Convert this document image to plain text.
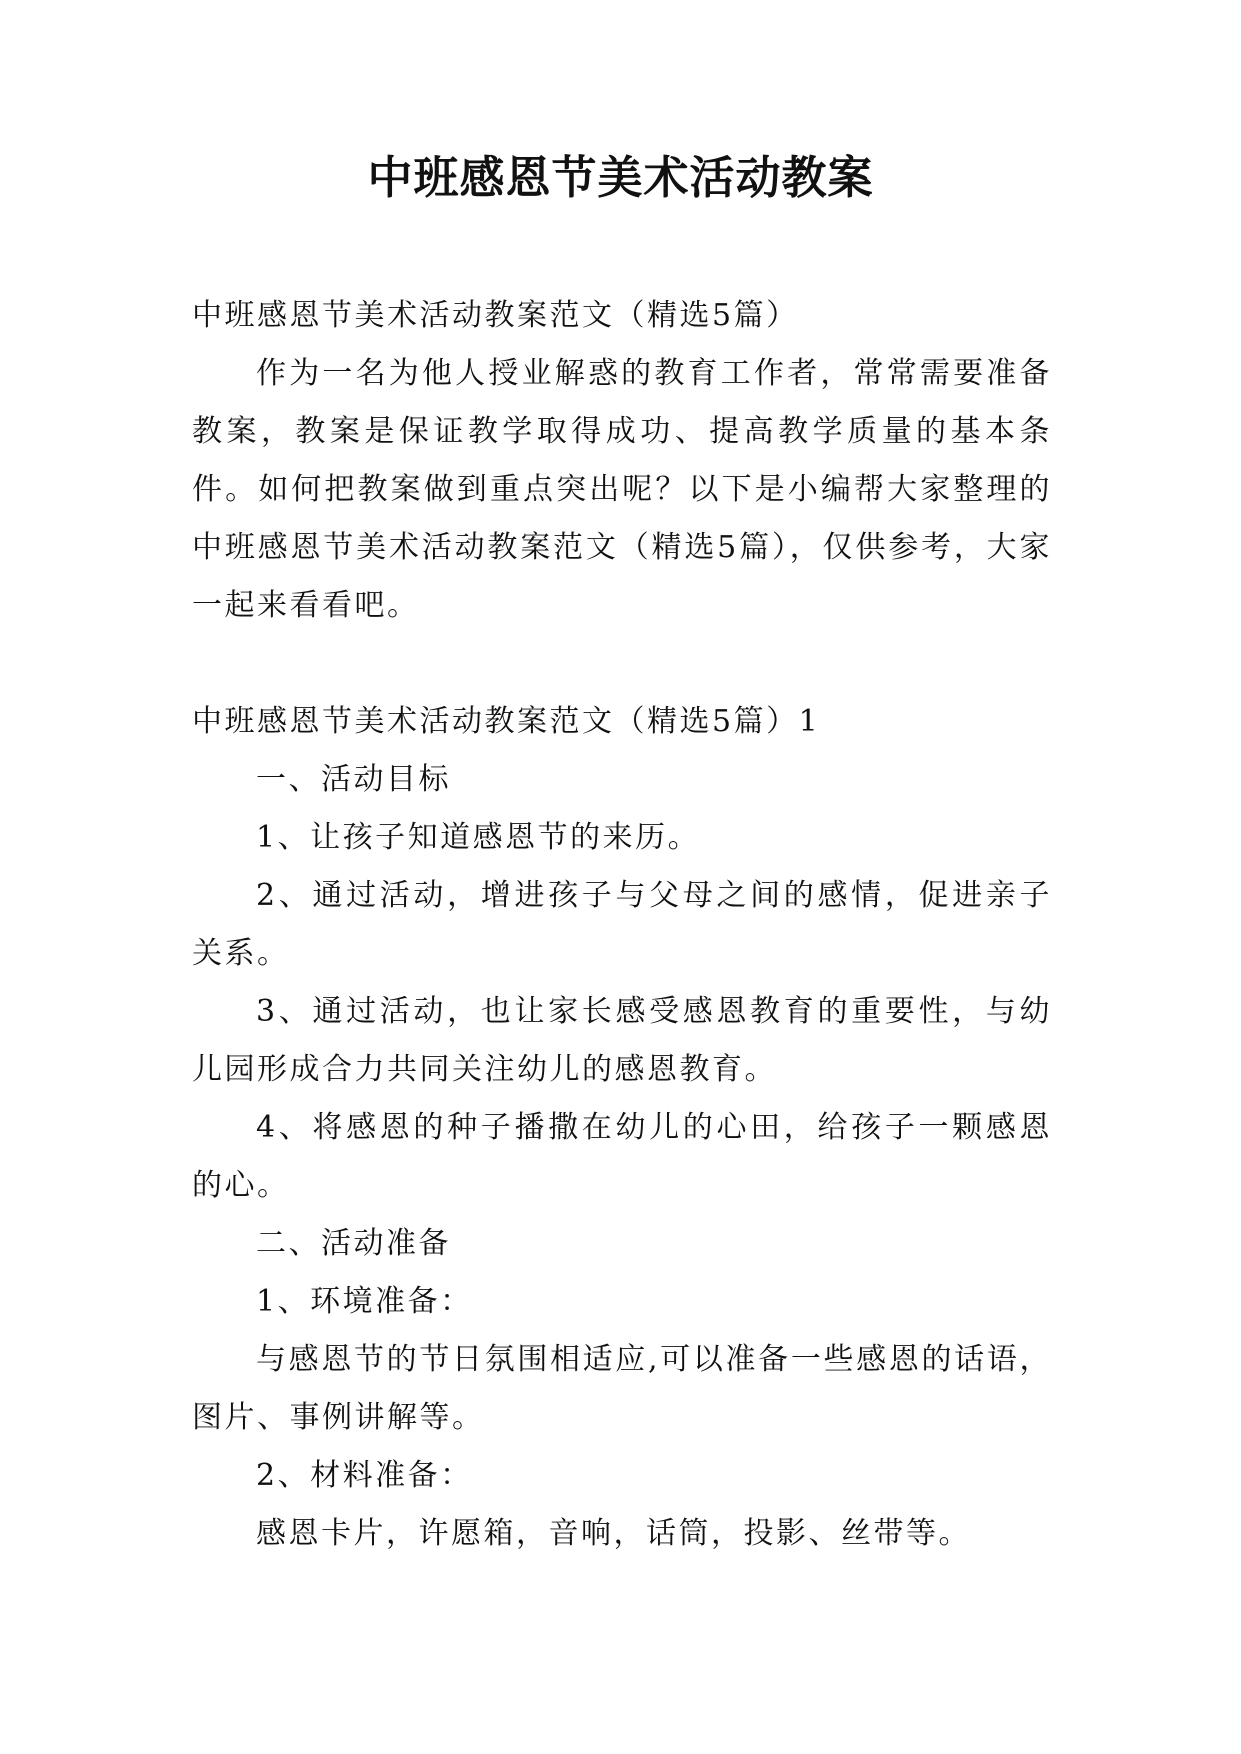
中班感恩节美术活动教案

中班感恩节美术活动教案范文（精选5篇）

作为一名为他人授业解惑的教育工作者，常常需要准备教案，教案是保证教学取得成功、提高教学质量的基本条件。如何把教案做到重点突出呢？以下是小编帮大家整理的中班感恩节美术活动教案范文（精选5篇），仅供参考，大家一起来看看吧。

中班感恩节美术活动教案范文（精选5篇）1

一、活动目标

1、让孩子知道感恩节的来历。

2、通过活动，增进孩子与父母之间的感情，促进亲子关系。

3、通过活动，也让家长感受感恩教育的重要性，与幼儿园形成合力共同关注幼儿的感恩教育。

4、将感恩的种子播撒在幼儿的心田，给孩子一颗感恩的心。

二、活动准备

1、环境准备：

与感恩节的节日氛围相适应,可以准备一些感恩的话语，图片、事例讲解等。

2、材料准备：

感恩卡片，许愿箱，音响，话筒，投影、丝带等。
